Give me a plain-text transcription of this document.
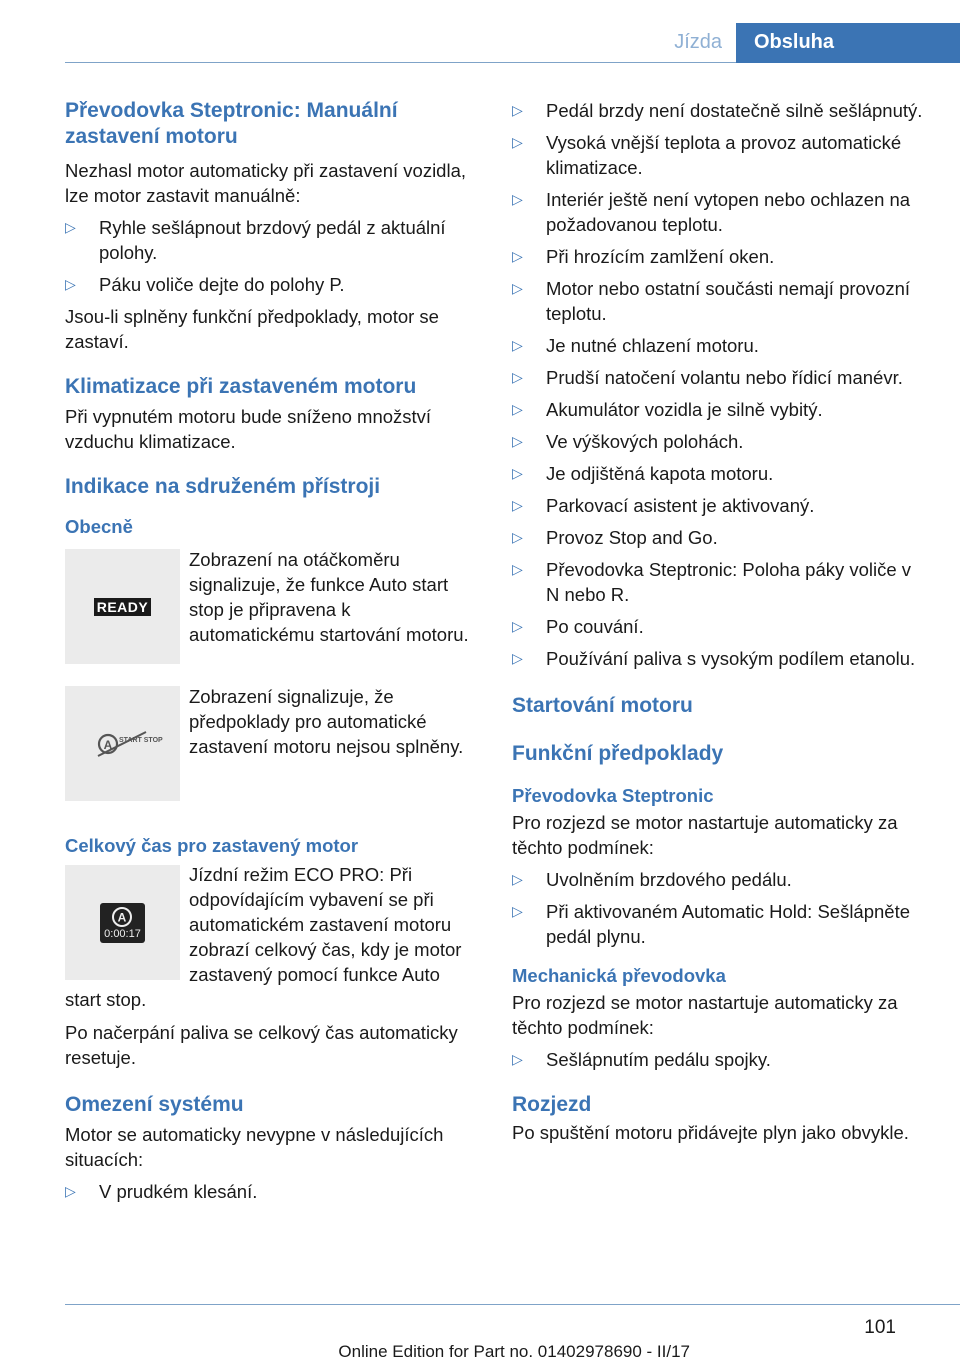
Jízda	Obsluha
Převodovka Steptronic: Manuální zastavení motoru

Nezhasl motor automaticky při zastavení vozidla, lze motor zastavit manuálně:

▷ Ryhle sešlápnout brzdový pedál z aktuální polohy.
▷ Páku voliče dejte do polohy P.

Jsou-li splněny funkční předpoklady, motor se zastaví.

Klimatizace při zastaveném motoru

Při vypnutém motoru bude sníženo množství vzduchu klimatizace.

Indikace na sdruženém přístroji
Obecně
READY

Zobrazení na otáčkoměru signalizuje, že funkce Auto start stop je připravena k automatickému startování motoru.

A START STOP

Zobrazení signalizuje, že předpoklady pro automatické zastavení motoru nejsou splněny.

Celkový čas pro zastavený motor
A
0:00:17

Jízdní režim ECO PRO: Při odpovídajícím vybavení se při automatickém zastavení motoru zobrazí celkový čas, kdy je motor zastavený pomocí funkce Auto start stop.

Po načerpání paliva se celkový čas automaticky resetuje.

Omezení systému

Motor se automaticky nevypne v následujících situacích:

▷ V prudkém klesání.
▷ Pedál brzdy není dostatečně silně sešlápnutý.
▷ Vysoká vnější teplota a provoz automatické klimatizace.
▷ Interiér ještě není vytopen nebo ochlazen na požadovanou teplotu.
▷ Při hrozícím zamlžení oken.
▷ Motor nebo ostatní součásti nemají provozní teplotu.
▷ Je nutné chlazení motoru.
▷ Prudší natočení volantu nebo řídicí manévr.
▷ Akumulátor vozidla je silně vybitý.
▷ Ve výškových polohách.
▷ Je odjištěná kapota motoru.
▷ Parkovací asistent je aktivovaný.
▷ Provoz Stop and Go.
▷ Převodovka Steptronic: Poloha páky voliče v N nebo R.
▷ Po couvání.
▷ Používání paliva s vysokým podílem etanolu.
Startování motoru
Funkční předpoklady
Převodovka Steptronic

Pro rozjezd se motor nastartuje automaticky za těchto podmínek:

▷ Uvolněním brzdového pedálu.
▷ Při aktivovaném Automatic Hold: Sešlápněte pedál plynu.
Mechanická převodovka

Pro rozjezd se motor nastartuje automaticky za těchto podmínek:

▷ Sešlápnutím pedálu spojky.
Rozjezd

Po spuštění motoru přidávejte plyn jako obvykle.

101
Online Edition for Part no. 01402978690 - II/17
